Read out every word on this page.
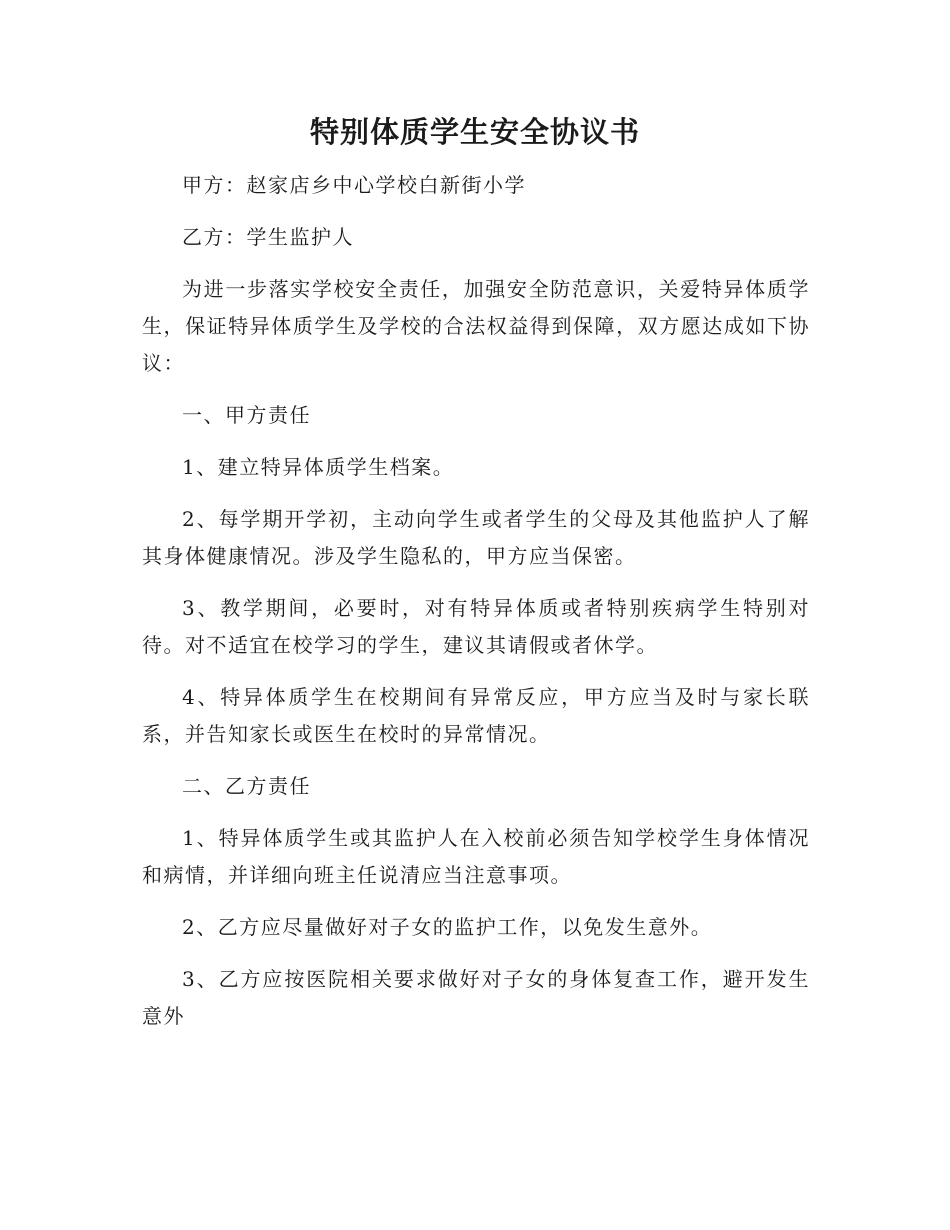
特别体质学生安全协议书

甲方：赵家店乡中心学校白新街小学

乙方：学生监护人

为进一步落实学校安全责任，加强安全防范意识，关爱特异体质学生，保证特异体质学生及学校的合法权益得到保障，双方愿达成如下协议：

一、甲方责任

1、建立特异体质学生档案。

2、每学期开学初，主动向学生或者学生的父母及其他监护人了解其身体健康情况。涉及学生隐私的，甲方应当保密。

3、教学期间，必要时，对有特异体质或者特别疾病学生特别对待。对不适宜在校学习的学生，建议其请假或者休学。

4、特异体质学生在校期间有异常反应，甲方应当及时与家长联系，并告知家长或医生在校时的异常情况。

二、乙方责任

1、特异体质学生或其监护人在入校前必须告知学校学生身体情况和病情，并详细向班主任说清应当注意事项。

2、乙方应尽量做好对子女的监护工作，以免发生意外。

3、乙方应按医院相关要求做好对子女的身体复查工作，避开发生意外
